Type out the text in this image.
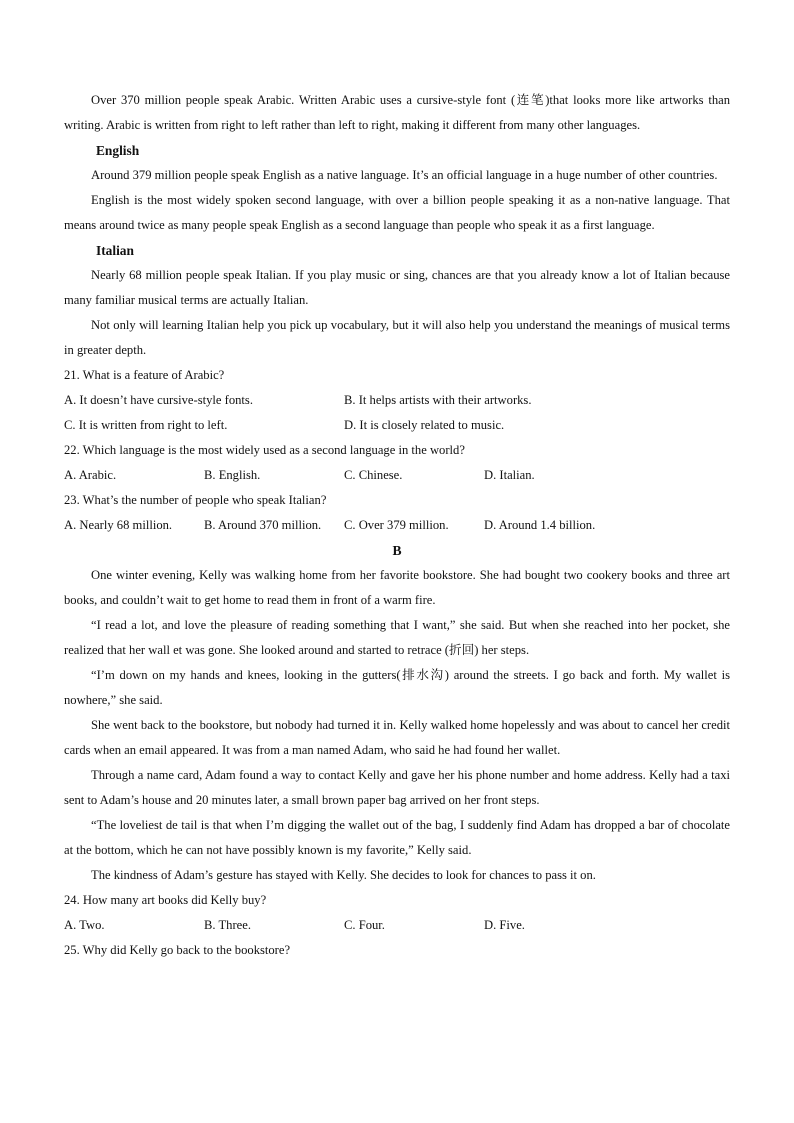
Over 370 million people speak Arabic. Written Arabic uses a cursive-style font (连笔)that looks more like artworks than writing. Arabic is written from right to left rather than left to right, making it different from many other languages.

English

Around 379 million people speak English as a native language. It’s an official language in a huge number of other countries.

English is the most widely spoken second language, with over a billion people speaking it as a non-native language. That means around twice as many people speak English as a second language than people who speak it as a first language.

Italian

Nearly 68 million people speak Italian. If you play music or sing, chances are that you already know a lot of Italian because many familiar musical terms are actually Italian.

Not only will learning Italian help you pick up vocabulary, but it will also help you understand the meanings of musical terms in greater depth.

21. What is a feature of Arabic?

A. It doesn’t have cursive-style fonts.	B. It helps artists with their artworks.
C. It is written from right to left.	D. It is closely related to music.

22. Which language is the most widely used as a second language in the world?

A. Arabic.	B. English.	C. Chinese.	D. Italian.

23. What’s the number of people who speak Italian?

A. Nearly 68 million.	B. Around 370 million.	C. Over 379 million.	D. Around 1.4 billion.

B

One winter evening, Kelly was walking home from her favorite bookstore. She had bought two cookery books and three art books, and couldn’t wait to get home to read them in front of a warm fire.

“I read a lot, and love the pleasure of reading something that I want,” she said. But when she reached into her pocket, she realized that her wall et was gone. She looked around and started to retrace (折回) her steps.

“I’m down on my hands and knees, looking in the gutters(排水沟) around the streets. I go back and forth. My wallet is nowhere,” she said.

She went back to the bookstore, but nobody had turned it in. Kelly walked home hopelessly and was about to cancel her credit cards when an email appeared. It was from a man named Adam, who said he had found her wallet.

Through a name card, Adam found a way to contact Kelly and gave her his phone number and home address. Kelly had a taxi sent to Adam’s house and 20 minutes later, a small brown paper bag arrived on her front steps.

“The loveliest de tail is that when I’m digging the wallet out of the bag, I suddenly find Adam has dropped a bar of chocolate at the bottom, which he can not have possibly known is my favorite,” Kelly said.

The kindness of Adam’s gesture has stayed with Kelly. She decides to look for chances to pass it on.

24. How many art books did Kelly buy?

A. Two.	B. Three.	C. Four.	D. Five.

25. Why did Kelly go back to the bookstore?
